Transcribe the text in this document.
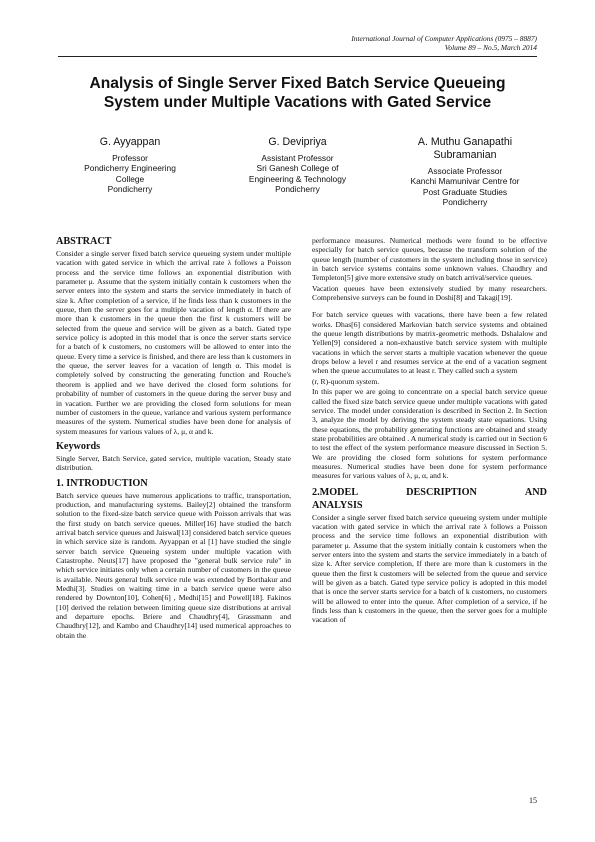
International Journal of Computer Applications (0975 – 8887)
Volume 89 – No.5, March 2014
Analysis of Single Server Fixed Batch Service Queueing
System under Multiple Vacations with Gated Service
G. Ayyappan
Professor
Pondicherry Engineering
College
Pondicherry
G. Devipriya
Assistant Professor
Sri Ganesh College of
Engineering & Technology
Pondicherry
A. Muthu Ganapathi Subramanian
Associate Professor
Kanchi Mamunivar Centre for
Post Graduate Studies
Pondicherry
ABSTRACT

Consider a single server fixed batch service queueing system under multiple vacation with gated service in which the arrival rate λ follows a Poisson process and the service time follows an exponential distribution with parameter μ. Assume that the system initially contain k customers when the server enters into the system and starts the service immediately in batch of size k. After completion of a service, if he finds less than k customers in the queue, then the server goes for a multiple vacation of length α. If there are more than k customers in the queue then the first k customers will be selected from the queue and service will be given as a batch. Gated type service policy is adopted in this model that is once the server starts service for a batch of k customers, no customers will be allowed to enter into the queue. Every time a service is finished, and there are less than k customers in the queue, the server leaves for a vacation of length α. This model is completely solved by constructing the generating function and Rouche's theorem is applied and we have derived the closed form solutions for probability of number of customers in the queue during the server busy and in vacation. Further we are providing the closed form solutions for mean number of customers in the queue, variance and various system performance measures of the system. Numerical studies have been done for analysis of system measures for various values of λ, μ, α and k.

Keywords

Single Server, Batch Service, gated service, multiple vacation, Steady state distribution.

1. INTRODUCTION

Batch service queues have numerous applications to traffic, transportation, production, and manufacturing systems. Bailey[2] obtained the transform solution to the fixed-size batch service queue with Poisson arrivals that was the first study on batch service queues. Miller[16] have studied the batch arrival batch service queues and Jaiswal[13] considered batch service queues in which service size is random. Ayyappan et al [1] have studied the single server batch service Queueing system under multiple vacation with Catastrophe. Neuts[17] have proposed the "general bulk service rule" in which service initiates only when a certain number of customers in the queue is available. Neuts general bulk service rule was extended by Borthakur and Medhi[3]. Studies on waiting time in a batch service queue were also rendered by Downton[10], Cohen[6] , Medhi[15] and Powell[18]. Fakinos [10] derived the relation between limiting queue size distributions at arrival and departure epochs. Briere and Chaudhry[4], Grassmann and Chaudhry[12], and Kambo and Chaudhry[14] used numerical approaches to obtain the

performance measures. Numerical methods were found to be effective especially for batch service queues, because the transform solution of the queue length (number of customers in the system including those in service) in batch service systems contains some unknown values. Chaudhry and Templeton[5] give more extensive study on batch arrival/service queues.

Vacation queues have been extensively studied by many researchers. Comprehensive surveys can be found in Doshi[8] and Takagi[19].

For batch service queues with vacations, there have been a few related works. Dhas[6] considered Markovian batch service systems and obtained the queue length distributions by matrix-geometric methods. Dshalalow and Yellen[9] considered a non-exhaustive batch service system with multiple vacations in which the server starts a multiple vacation whenever the queue drops below a level r and resumes service at the end of a vacation segment when the queue accumulates to at least r. They called such a system

(r, R)-quorum system.

In this paper we are going to concentrate on a special batch service queue called the fixed size batch service queue under multiple vacations with gated service. The model under consideration is described in Section 2. In Section 3, analyze the model by deriving the system steady state equations. Using these equations, the probability generating functions are obtained and steady state probabilities are obtained . A numerical study is carried out in Section 6 to test the effect of the system performance measure discussed in Section 5. We are providing the closed form solutions for system performance measures. Numerical studies have been done for system performance measures for various values of λ, μ, α, and k.

2.MODEL	DESCRIPTION	AND
ANALYSIS

Consider a single server fixed batch service queueing system under multiple vacation with gated service in which the arrival rate λ follows a Poisson process and the service time follows an exponential distribution with parameter μ. Assume that the system initially contain k customers when the server enters into the system and starts the service immediately in a batch of size k. After service completion, If there are more than k customers in the queue then the first k customers will be selected from the queue and service will be given as a batch. Gated type service policy is adopted in this model that is once the server starts service for a batch of k customers, no customers will be allowed to enter into the queue. After completion of a service, if he finds less than k customers in the queue, then the server goes for a multiple vacation of

15
